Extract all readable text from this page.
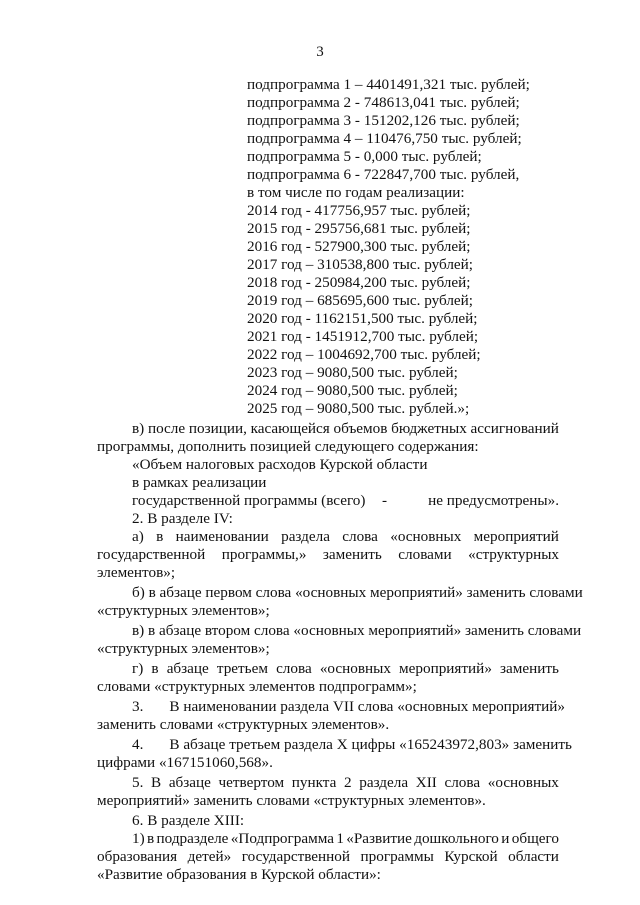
3
подпрограмма 1 – 4401491,321 тыс. рублей;
подпрограмма 2 - 748613,041 тыс. рублей;
подпрограмма 3 - 151202,126 тыс. рублей;
подпрограмма 4 – 110476,750 тыс. рублей;
подпрограмма 5 - 0,000 тыс. рублей;
подпрограмма 6 - 722847,700 тыс. рублей,
в том числе по годам реализации:
2014 год - 417756,957 тыс. рублей;
2015 год - 295756,681 тыс. рублей;
2016 год - 527900,300 тыс. рублей;
2017 год – 310538,800 тыс. рублей;
2018 год - 250984,200 тыс. рублей;
2019 год – 685695,600 тыс. рублей;
2020 год - 1162151,500 тыс. рублей;
2021 год - 1451912,700 тыс. рублей;
2022 год – 1004692,700 тыс. рублей;
2023 год – 9080,500 тыс. рублей;
2024 год – 9080,500 тыс. рублей;
2025 год – 9080,500 тыс. рублей.»;
в) после позиции, касающейся объемов бюджетных ассигнований
программы, дополнить позицией следующего содержания:
«Объем налоговых расходов Курской области
в рамках реализации
государственной программы (всего) -	не предусмотрены».
2. В разделе IV:
а) в наименовании раздела слова «основных мероприятий
государственной программы,» заменить словами «структурных
элементов»;
б) в абзаце первом слова «основных мероприятий» заменить словами
«структурных элементов»;
в) в абзаце втором слова «основных мероприятий» заменить словами
«структурных элементов»;
г) в абзаце третьем слова «основных мероприятий» заменить
словами «структурных элементов подпрограмм»;
3. В наименовании раздела VII слова «основных мероприятий»
заменить словами «структурных элементов».
4. В абзаце третьем раздела X цифры «165243972,803» заменить
цифрами «167151060,568».
5. В абзаце четвертом пункта 2 раздела XII слова «основных
мероприятий» заменить словами «структурных элементов».
6. В разделе XIII:
1) в подразделе «Подпрограмма 1 «Развитие дошкольного и общего
образования детей» государственной программы Курской области
«Развитие образования в Курской области»:
